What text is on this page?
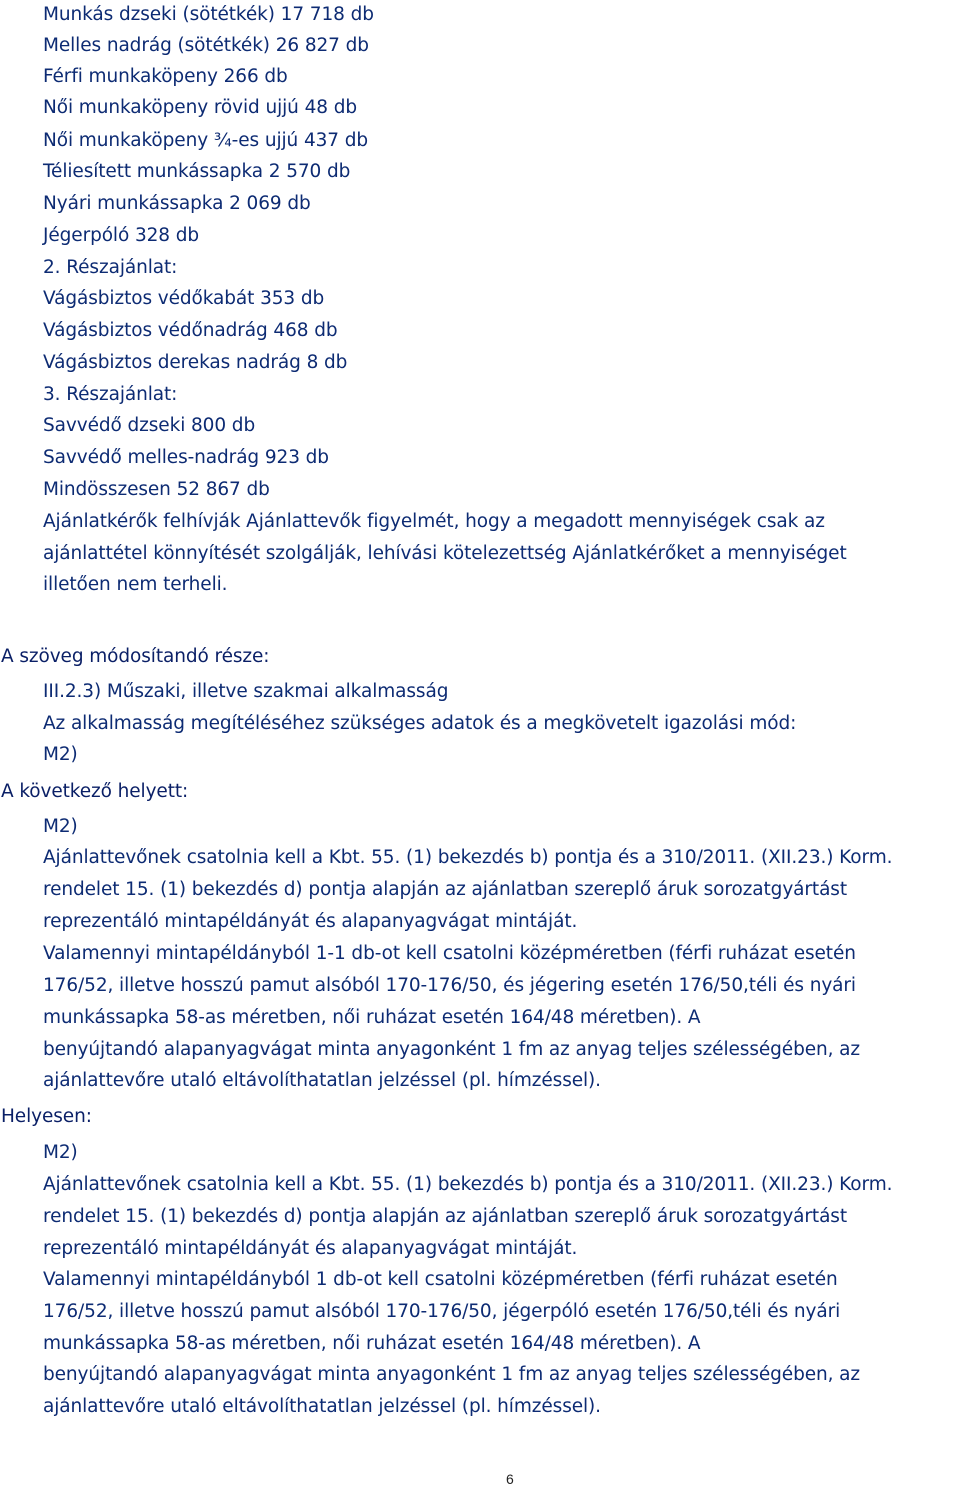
Munkás dzseki (sötétkék) 17 718 db
Melles nadrág (sötétkék) 26 827 db
Férfi munkaköpeny 266 db
Női munkaköpeny rövid ujjú 48 db
Női munkaköpeny ¾-es ujjú 437 db
Téliesített munkássapka 2 570 db
Nyári munkássapka 2 069 db
Jégerpóló 328 db
2. Részajánlat:
Vágásbiztos védőkabát 353 db
Vágásbiztos védőnadrág 468 db
Vágásbiztos derekas nadrág 8 db
3. Részajánlat:
Savvédő dzseki 800 db
Savvédő melles-nadrág 923 db
Mindösszesen 52 867 db
Ajánlatkérők felhívják Ajánlattevők figyelmét, hogy a megadott mennyiségek csak az
ajánlattétel könnyítését szolgálják, lehívási kötelezettség Ajánlatkérőket a mennyiséget
illetően nem terheli.
A szöveg módosítandó része:
III.2.3) Műszaki, illetve szakmai alkalmasság
Az alkalmasság megítéléséhez szükséges adatok és a megkövetelt igazolási mód:
M2)
A következő helyett:
M2)
Ajánlattevőnek csatolnia kell a Kbt. 55. (1) bekezdés b) pontja és a 310/2011. (XII.23.) Korm.
rendelet 15. (1) bekezdés d) pontja alapján az ajánlatban szereplő áruk sorozatgyártást
reprezentáló mintapéldányát és alapanyagvágat mintáját.
Valamennyi mintapéldányból 1-1 db-ot kell csatolni középméretben (férfi ruházat esetén
176/52, illetve hosszú pamut alsóból 170-176/50, és jégering esetén 176/50,téli és nyári
munkássapka 58-as méretben, női ruházat esetén 164/48 méretben). A
benyújtandó alapanyagvágat minta anyagonként 1 fm az anyag teljes szélességében, az
ajánlattevőre utaló eltávolíthatatlan jelzéssel (pl. hímzéssel).
Helyesen:
M2)
Ajánlattevőnek csatolnia kell a Kbt. 55. (1) bekezdés b) pontja és a 310/2011. (XII.23.) Korm.
rendelet 15. (1) bekezdés d) pontja alapján az ajánlatban szereplő áruk sorozatgyártást
reprezentáló mintapéldányát és alapanyagvágat mintáját.
Valamennyi mintapéldányból 1 db-ot kell csatolni középméretben (férfi ruházat esetén
176/52, illetve hosszú pamut alsóból 170-176/50, jégerpóló esetén 176/50,téli és nyári
munkássapka 58-as méretben, női ruházat esetén 164/48 méretben). A
benyújtandó alapanyagvágat minta anyagonként 1 fm az anyag teljes szélességében, az
ajánlattevőre utaló eltávolíthatatlan jelzéssel (pl. hímzéssel).
6
